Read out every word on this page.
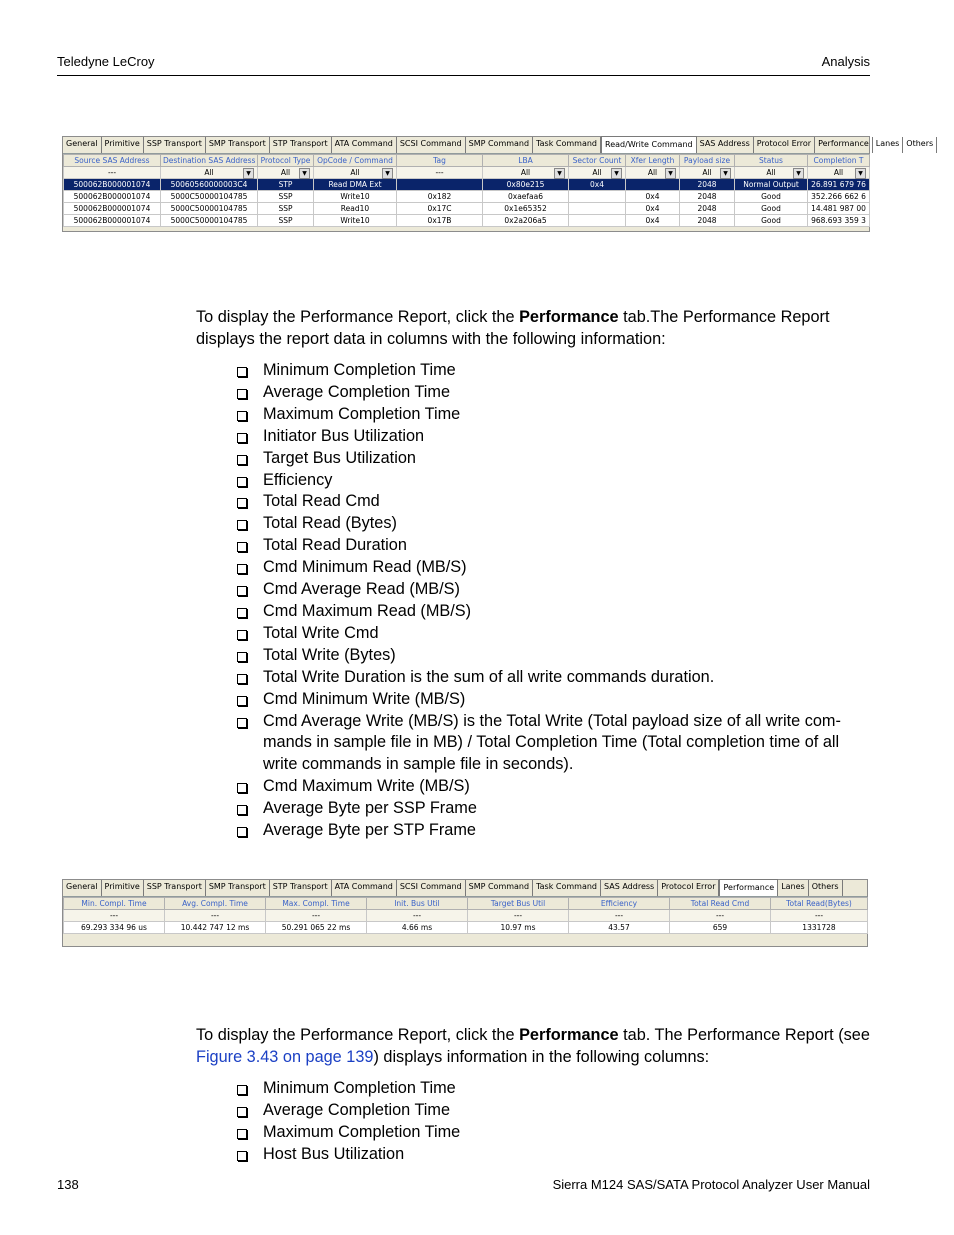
Teledyne LeCroy	Analysis
General Primitive SSP Transport SMP Transport STP Transport ATA Command SCSI Command SMP Command Task Command	Read/Write Command SAS Address Protocol Error Performance Lanes Others
Source SAS Address	Destination SAS Address	Protocol Type	OpCode / Command	Tag	LBA	Sector Count	Xfer Length	Payload size	Status	Completion T

---	All ▼	All ▼	All ▼	---	All ▼	All ▼	All ▼	All ▼	All ▼	All ▼

500062B000001074	50060560000003C4	STP	Read DMA Ext		0x80e215	0x4		2048	Normal Output	26.891 679 76
500062B000001074	5000C50000104785	SSP	Write10	0x182	0xaefaa6		0x4	2048	Good	352.266 662 6
500062B000001074	5000C50000104785	SSP	Read10	0x17C	0x1e65352		0x4	2048	Good	14.481 987 00
500062B000001074	5000C50000104785	SSP	Write10	0x17B	0x2a206a5		0x4	2048	Good	968.693 359 3
To display the Performance Report, click the Performance tab.The Performance Report displays the report data in columns with the following information:
Minimum Completion Time
Average Completion Time
Maximum Completion Time
Initiator Bus Utilization
Target Bus Utilization
Efficiency
Total Read Cmd
Total Read (Bytes)
Total Read Duration
Cmd Minimum Read (MB/S)
Cmd Average Read (MB/S)
Cmd Maximum Read (MB/S)
Total Write Cmd
Total Write (Bytes)
Total Write Duration is the sum of all write commands duration.
Cmd Minimum Write (MB/S)
Cmd Average Write (MB/S) is the Total Write (Total payload size of all write com-mands in sample file in MB) / Total Completion Time (Total completion time of all write commands in sample file in seconds).
Cmd Maximum Write (MB/S)
Average Byte per SSP Frame
Average Byte per STP Frame
General Primitive SSP Transport SMP Transport STP Transport ATA Command SCSI Command SMP Command Task Command SAS Address Protocol Error	Performance Lanes Others
Min. Compl. Time	Avg. Compl. Time	Max. Compl. Time	Init. Bus Util	Target Bus Util	Efficiency	Total Read Cmd	Total Read(Bytes)
---	---	---	---	---	---	---	---
69.293 334 96 us	10.442 747 12 ms	50.291 065 22 ms	4.66 ms	10.97 ms	43.57	659	1331728
To display the Performance Report, click the Performance tab. The Performance Report (see Figure 3.43 on page 139) displays information in the following columns:
Minimum Completion Time
Average Completion Time
Maximum Completion Time
Host Bus Utilization
138	Sierra M124 SAS/SATA Protocol Analyzer User Manual
